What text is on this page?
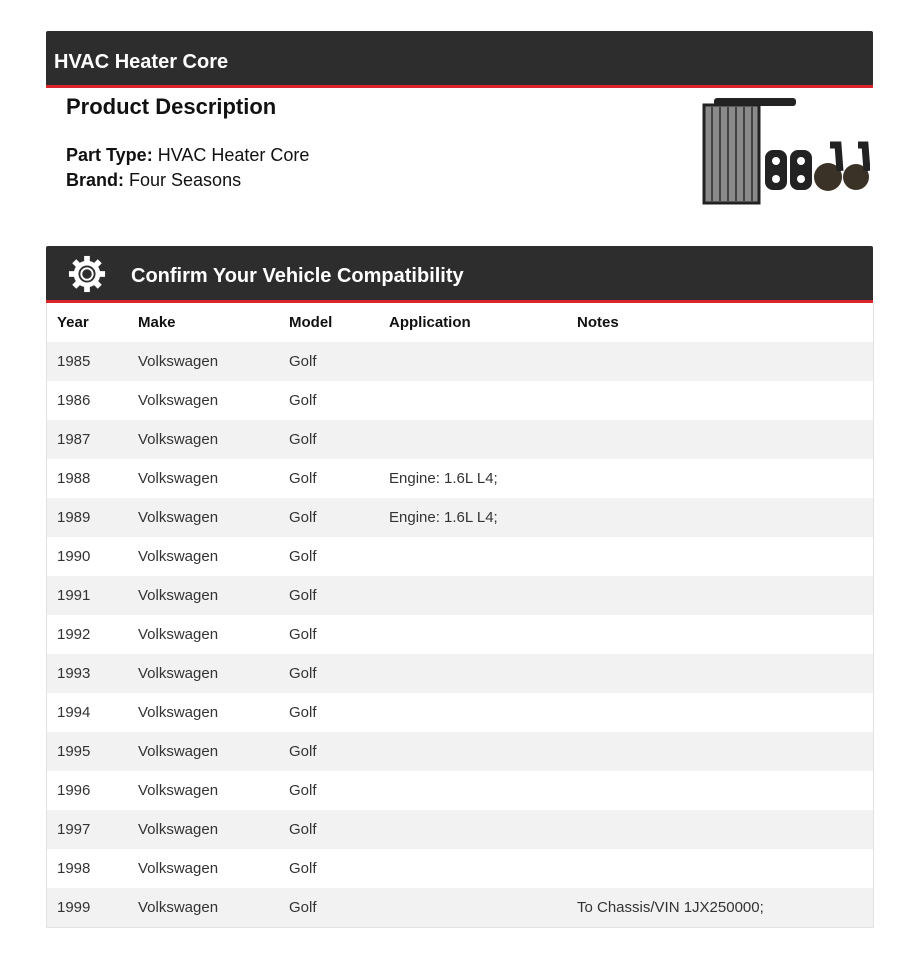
HVAC Heater Core
Product Description
Part Type: HVAC Heater Core
Brand: Four Seasons
Confirm Your Vehicle Compatibility
Year	Make	Model	Application	Notes
1985	Volkswagen	Golf		
1986	Volkswagen	Golf		
1987	Volkswagen	Golf		
1988	Volkswagen	Golf	Engine: 1.6L L4;	
1989	Volkswagen	Golf	Engine: 1.6L L4;	
1990	Volkswagen	Golf		
1991	Volkswagen	Golf		
1992	Volkswagen	Golf		
1993	Volkswagen	Golf		
1994	Volkswagen	Golf		
1995	Volkswagen	Golf		
1996	Volkswagen	Golf		
1997	Volkswagen	Golf		
1998	Volkswagen	Golf		
1999	Volkswagen	Golf		To Chassis/VIN 1JX250000;
